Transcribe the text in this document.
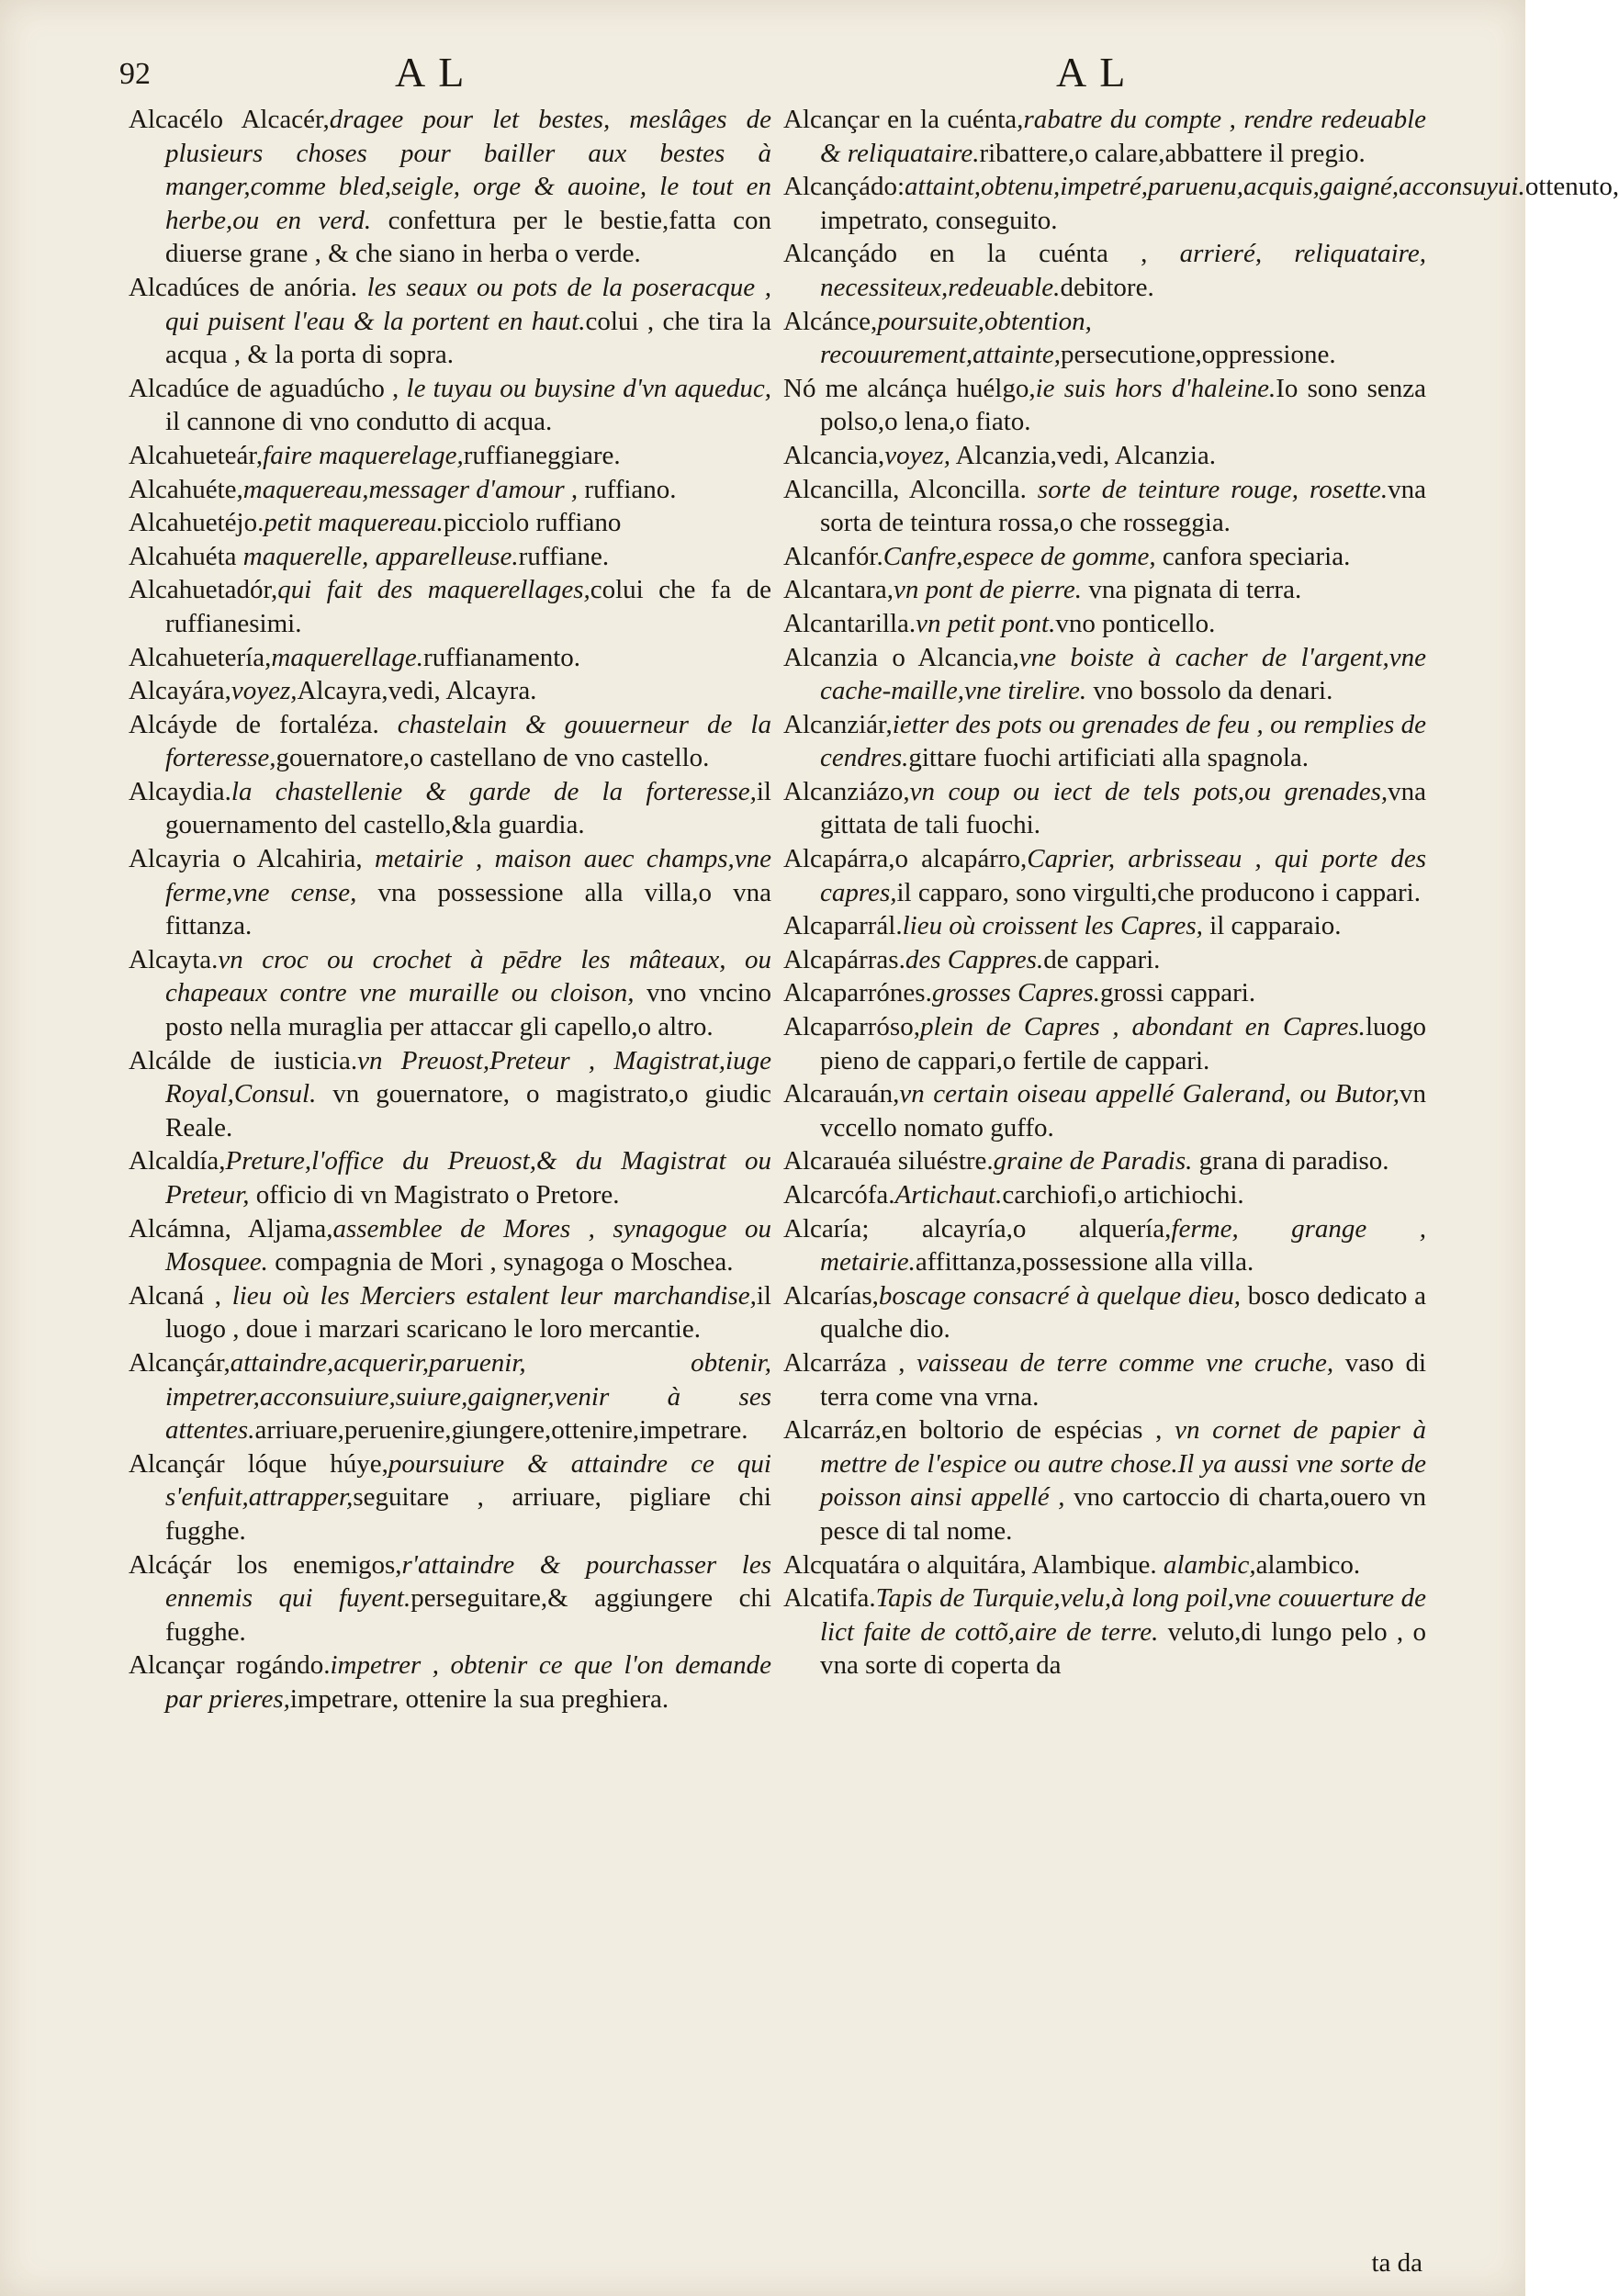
92	AL	AL

Alcacélo Alcacér,dragee pour let bestes, meslâges de plusieurs choses pour bailler aux bestes à manger,comme bled,seigle, orge & auoine, le tout en herbe,ou en verd. confettura per le bestie,fatta con diuerse grane , & che siano in herba o verde.

Alcadúces de anória. les seaux ou pots de la poseracque , qui puisent l'eau & la portent en haut.colui , che tira la acqua , & la porta di sopra.

Alcadúce de aguadúcho , le tuyau ou buysine d'vn aqueduc, il cannone di vno condutto di acqua.

Alcahueteár,faire maquerelage,ruffianeggiare.

Alcahuéte,maquereau,messager d'amour , ruffiano.

Alcahuetéjo.petit maquereau.picciolo ruffiano

Alcahuéta maquerelle, apparelleuse.ruffiane.

Alcahuetadór,qui fait des maquerellages,colui che fa de ruffianesimi.

Alcahuetería,maquerellage.ruffianamento.

Alcayára,voyez,Alcayra,vedi, Alcayra.

Alcáyde de fortaléza. chastelain & gouuerneur de la forteresse,gouernatore,o castellano de vno castello.

Alcaydia.la chastellenie & garde de la forteresse,il gouernamento del castello,&la guardia.

Alcayria o Alcahiria, metairie , maison auec champs,vne ferme,vne cense, vna possessione alla villa,o vna fittanza.

Alcayta.vn croc ou crochet à pēdre les mâteaux, ou chapeaux contre vne muraille ou cloison, vno vncino posto nella muraglia per attaccar gli capello,o altro.

Alcálde de iusticia.vn Preuost,Preteur , Magistrat,iuge Royal,Consul. vn gouernatore, o magistrato,o giudic Reale.

Alcaldía,Preture,l'office du Preuost,& du Magistrat ou Preteur, officio di vn Magistrato o Pretore.

Alcámna, Aljama,assemblee de Mores , synagogue ou Mosquee. compagnia de Mori , synagoga o Moschea.

Alcaná , lieu où les Merciers estalent leur marchandise,il luogo , doue i marzari scaricano le loro mercantie.

Alcançár,attaindre,acquerir,paruenir, obtenir, impetrer,acconsuiure,suiure,gaigner,venir à ses attentes.arriuare,peruenire,giungere,ottenire,impetrare.

Alcançár lóque húye,poursuiure & attaindre ce qui s'enfuit,attrapper,seguitare , arriuare, pigliare chi fugghe.

Alcáçár los enemigos,r'attaindre & pourchasser les ennemis qui fuyent.perseguitare,& aggiungere chi fugghe.

Alcançar rogándo.impetrer , obtenir ce que l'on demande par prieres,impetrare, ottenire la sua preghiera.

Alcançar en la cuénta,rabatre du compte , rendre redeuable & reliquataire.ribattere,o calare,abbattere il pregio.

Alcançádo:attaint,obtenu,impetré,paruenu,acquis,gaigné,acconsuyui.ottenuto, impetrato, conseguito.

Alcançádo en la cuénta , arrieré, reliquataire, necessiteux,redeuable.debitore.

Alcánce,poursuite,obtention, recouurement,attainte,persecutione,oppressione.

Nó me alcánça huélgo,ie suis hors d'haleine.Io sono senza polso,o lena,o fiato.

Alcancia,voyez, Alcanzia,vedi, Alcanzia.

Alcancilla, Alconcilla. sorte de teinture rouge, rosette.vna sorta de teintura rossa,o che rosseggia.

Alcanfór.Canfre,espece de gomme, canfora speciaria.

Alcantara,vn pont de pierre. vna pignata di terra.

Alcantarilla.vn petit pont.vno ponticello.

Alcanzia o Alcancia,vne boiste à cacher de l'argent,vne cache-maille,vne tirelire. vno bossolo da denari.

Alcanziár,ietter des pots ou grenades de feu , ou remplies de cendres.gittare fuochi artificiati alla spagnola.

Alcanziázo,vn coup ou iect de tels pots,ou grenades,vna gittata de tali fuochi.

Alcapárra,o alcapárro,Caprier, arbrisseau , qui porte des capres,il capparo, sono virgulti,che producono i cappari.

Alcaparrál.lieu où croissent les Capres, il capparaio.

Alcapárras.des Cappres.de cappari.

Alcaparrónes.grosses Capres.grossi cappari.

Alcaparrósо,plein de Capres , abondant en Capres.luogo pieno de cappari,o fertile de cappari.

Alcarauán,vn certain oiseau appellé Galerand, ou Butor,vn vccello nomato guffo.

Alcarauéa siluéstre.graine de Paradis. grana di paradiso.

Alcarcófa.Artichaut.carchiofi,o artichiochi.

Alcaría; alcayría,o alquería,ferme, grange , metairie.affittanza,possessione alla villa.

Alcarías,boscage consacré à quelque dieu, bosco dedicato a qualche dio.

Alcarráza , vaisseau de terre comme vne cruche, vaso di terra come vna vrna.

Alcarráz,en boltorio de espécias , vn cornet de papier à mettre de l'espice ou autre chose.Il ya aussi vne sorte de poisson ainsi appellé , vno cartoccio di charta,ouero vn pesce di tal nome.

Alcquatára o alquitára, Alambique. alambic,alambico.

Alcatifa.Tapis de Turquie,velu,à long poil,vne couuerture de lict faite de cottõ,aire de terre. veluto,di lungo pelo , o vna sorte di coperta da

ta da
